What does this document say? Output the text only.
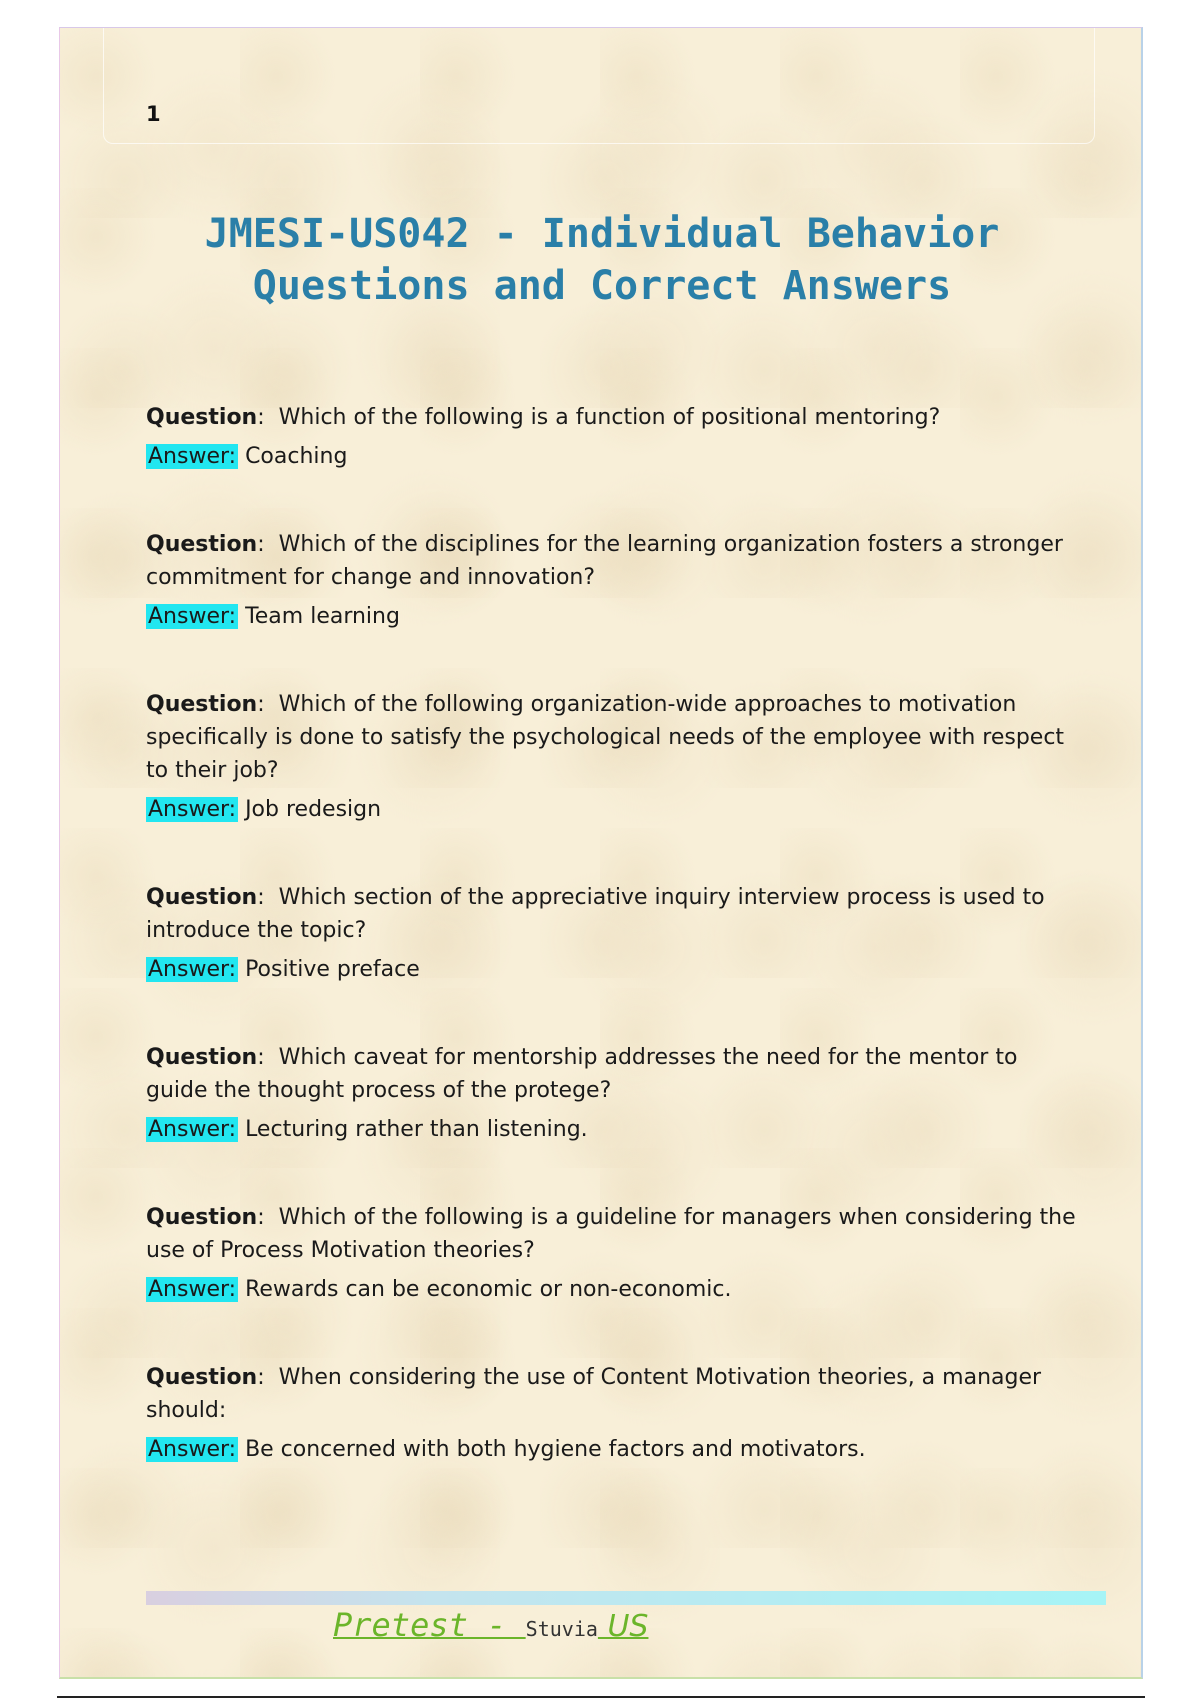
1
JMESI-US042 - Individual Behavior
Questions and Correct Answers
Question: Which of the following is a function of positional mentoring?
Answer: Coaching
Question: Which of the disciplines for the learning organization fosters a stronger commitment for change and innovation?
Answer: Team learning
Question: Which of the following organization-wide approaches to motivation specifically is done to satisfy the psychological needs of the employee with respect to their job?
Answer: Job redesign
Question: Which section of the appreciative inquiry interview process is used to introduce the topic?
Answer: Positive preface
Question: Which caveat for mentorship addresses the need for the mentor to guide the thought process of the protege?
Answer: Lecturing rather than listening.
Question: Which of the following is a guideline for managers when considering the use of Process Motivation theories?
Answer: Rewards can be economic or non-economic.
Question: When considering the use of Content Motivation theories, a manager should:
Answer: Be concerned with both hygiene factors and motivators.
Pretest - Stuvia US
